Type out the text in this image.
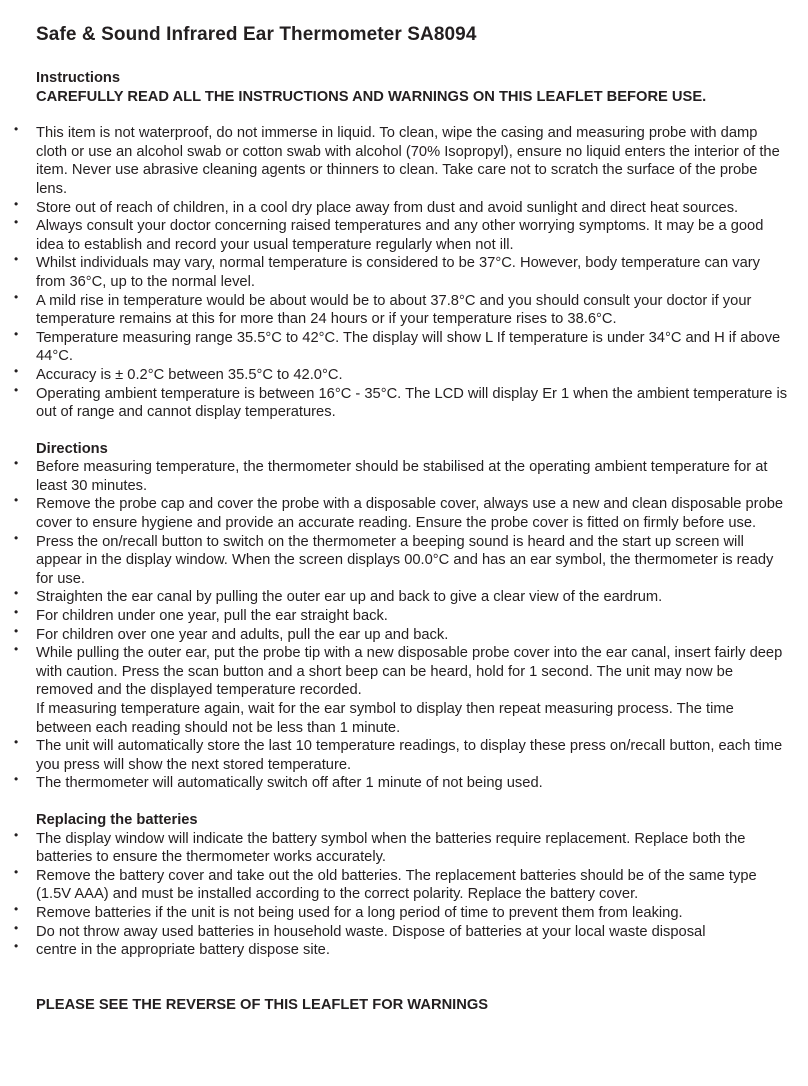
Safe & Sound Infrared Ear Thermometer SA8094

Instructions

CAREFULLY READ ALL THE INSTRUCTIONS AND WARNINGS ON THIS LEAFLET BEFORE USE.

• This item is not waterproof, do not immerse in liquid. To clean, wipe the casing and measuring probe with damp cloth or use an alcohol swab or cotton swab with alcohol (70% Isopropyl), ensure no liquid enters the interior of the item. Never use abrasive cleaning agents or thinners to clean. Take care not to scratch the surface of the probe lens.
• Store out of reach of children, in a cool dry place away from dust and avoid sunlight and direct heat sources.
• Always consult your doctor concerning raised temperatures and any other worrying symptoms. It may be a good idea to establish and record your usual temperature regularly when not ill.
• Whilst individuals may vary, normal temperature is considered to be 37°C. However, body temperature can vary from 36°C, up to the normal level.
• A mild rise in temperature would be about would be to about 37.8°C and you should consult your doctor if your temperature remains at this for more than 24 hours or if your temperature rises to 38.6°C.
• Temperature measuring range 35.5°C to 42°C. The display will show L If temperature is under 34°C and H if above 44°C.
• Accuracy is ± 0.2°C between 35.5°C to 42.0°C.
• Operating ambient temperature is between 16°C - 35°C. The LCD will display Er 1 when the ambient temperature is out of range and cannot display temperatures.

Directions

• Before measuring temperature, the thermometer should be stabilised at the operating ambient temperature for at least 30 minutes.
• Remove the probe cap and cover the probe with a disposable cover, always use a new and clean disposable probe cover to ensure hygiene and provide an accurate reading. Ensure the probe cover is fitted on firmly before use.
• Press the on/recall button to switch on the thermometer a beeping sound is heard and the start up screen will appear in the display window. When the screen displays 00.0°C and has an ear symbol, the thermometer is ready for use.
• Straighten the ear canal by pulling the outer ear up and back to give a clear view of the eardrum.
• For children under one year, pull the ear straight back.
• For children over one year and adults, pull the ear up and back.
• While pulling the outer ear, put the probe tip with a new disposable probe cover into the ear canal, insert fairly deep with caution. Press the scan button and a short beep can be heard, hold for 1 second. The unit may now be removed and the displayed temperature recorded.
If measuring temperature again, wait for the ear symbol to display then repeat measuring process. The time between each reading should not be less than 1 minute.
• The unit will automatically store the last 10 temperature readings, to display these press on/recall button, each time you press will show the next stored temperature.
• The thermometer will automatically switch off after 1 minute of not being used.

Replacing the batteries

• The display window will indicate the battery symbol when the batteries require replacement. Replace both the batteries to ensure the thermometer works accurately.
• Remove the battery cover and take out the old batteries. The replacement batteries should be of the same type (1.5V AAA) and must be installed according to the correct polarity. Replace the battery cover.
• Remove batteries if the unit is not being used for a long period of time to prevent them from leaking.
• Do not throw away used batteries in household waste. Dispose of batteries at your local waste disposal
• centre in the appropriate battery dispose site.

PLEASE SEE THE REVERSE OF THIS LEAFLET FOR WARNINGS
